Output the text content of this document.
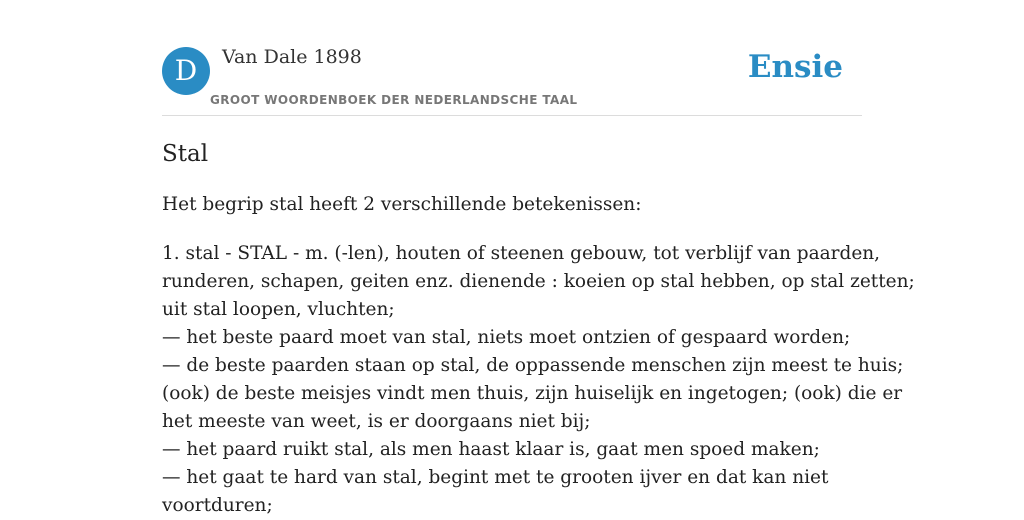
D	Van Dale 1898
GROOT WOORDENBOEK DER NEDERLANDSCHE TAAL
Ensie
Stal

Het begrip stal heeft 2 verschillende betekenissen:

1. stal - STAL - m. (-len), houten of steenen gebouw, tot verblijf van paarden,
runderen, schapen, geiten enz. dienende : koeien op stal hebben, op stal zetten;
uit stal loopen, vluchten;
— het beste paard moet van stal, niets moet ontzien of gespaard worden;
— de beste paarden staan op stal, de oppassende menschen zijn meest te huis;
(ook) de beste meisjes vindt men thuis, zijn huiselijk en ingetogen; (ook) die er
het meeste van weet, is er doorgaans niet bij;
— het paard ruikt stal, als men haast klaar is, gaat men spoed maken;
— het gaat te hard van stal, begint met te grooten ijver en dat kan niet
voortduren;
